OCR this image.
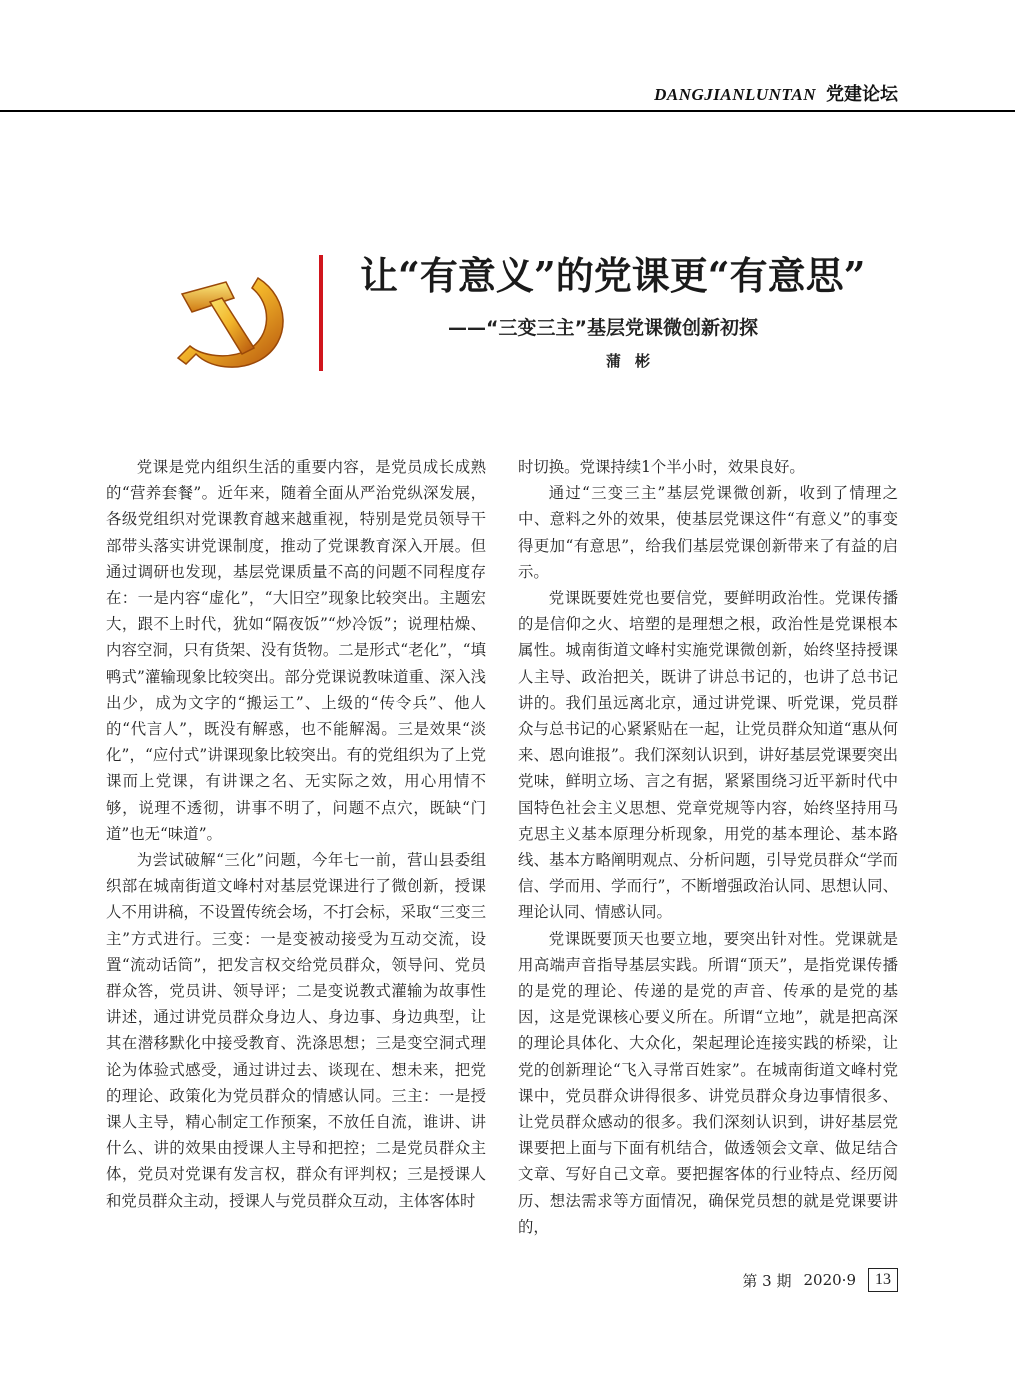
DANGJIANLUNTAN 党建论坛
让“有意义”的党课更“有意思”
——“三变三主”基层党课微创新初探
蒲彬

党课是党内组织生活的重要内容，是党员成长成熟的“营养套餐”。近年来，随着全面从严治党纵深发展，各级党组织对党课教育越来越重视，特别是党员领导干部带头落实讲党课制度，推动了党课教育深入开展。但通过调研也发现，基层党课质量不高的问题不同程度存在：一是内容“虚化”，“大旧空”现象比较突出。主题宏大，跟不上时代，犹如“隔夜饭”“炒冷饭”；说理枯燥、内容空洞，只有货架、没有货物。二是形式“老化”，“填鸭式”灌输现象比较突出。部分党课说教味道重、深入浅出少，成为文字的“搬运工”、上级的“传令兵”、他人的“代言人”，既没有解惑，也不能解渴。三是效果“淡化”，“应付式”讲课现象比较突出。有的党组织为了上党课而上党课，有讲课之名、无实际之效，用心用情不够，说理不透彻，讲事不明了，问题不点穴，既缺“门道”也无“味道”。

为尝试破解“三化”问题，今年七一前，营山县委组织部在城南街道文峰村对基层党课进行了微创新，授课人不用讲稿，不设置传统会场，不打会标，采取“三变三主”方式进行。三变：一是变被动接受为互动交流，设置“流动话筒”，把发言权交给党员群众，领导问、党员群众答，党员讲、领导评；二是变说教式灌输为故事性讲述，通过讲党员群众身边人、身边事、身边典型，让其在潜移默化中接受教育、洗涤思想；三是变空洞式理论为体验式感受，通过讲过去、谈现在、想未来，把党的理论、政策化为党员群众的情感认同。三主：一是授课人主导，精心制定工作预案，不放任自流，谁讲、讲什么、讲的效果由授课人主导和把控；二是党员群众主体，党员对党课有发言权，群众有评判权；三是授课人和党员群众主动，授课人与党员群众互动，主体客体时

时切换。党课持续1个半小时，效果良好。

通过“三变三主”基层党课微创新，收到了情理之中、意料之外的效果，使基层党课这件“有意义”的事变得更加“有意思”，给我们基层党课创新带来了有益的启示。

党课既要姓党也要信党，要鲜明政治性。党课传播的是信仰之火、培塑的是理想之根，政治性是党课根本属性。城南街道文峰村实施党课微创新，始终坚持授课人主导、政治把关，既讲了讲总书记的，也讲了总书记讲的。我们虽远离北京，通过讲党课、听党课，党员群众与总书记的心紧紧贴在一起，让党员群众知道“惠从何来、恩向谁报”。我们深刻认识到，讲好基层党课要突出党味，鲜明立场、言之有据，紧紧围绕习近平新时代中国特色社会主义思想、党章党规等内容，始终坚持用马克思主义基本原理分析现象，用党的基本理论、基本路线、基本方略阐明观点、分析问题，引导党员群众“学而信、学而用、学而行”，不断增强政治认同、思想认同、理论认同、情感认同。

党课既要顶天也要立地，要突出针对性。党课就是用高端声音指导基层实践。所谓“顶天”，是指党课传播的是党的理论、传递的是党的声音、传承的是党的基因，这是党课核心要义所在。所谓“立地”，就是把高深的理论具体化、大众化，架起理论连接实践的桥梁，让党的创新理论“飞入寻常百姓家”。在城南街道文峰村党课中，党员群众讲得很多、讲党员群众身边事情很多、让党员群众感动的很多。我们深刻认识到，讲好基层党课要把上面与下面有机结合，做透领会文章、做足结合文章、写好自己文章。要把握客体的行业特点、经历阅历、想法需求等方面情况，确保党员想的就是党课要讲的，

第 3 期 2020·9	13
